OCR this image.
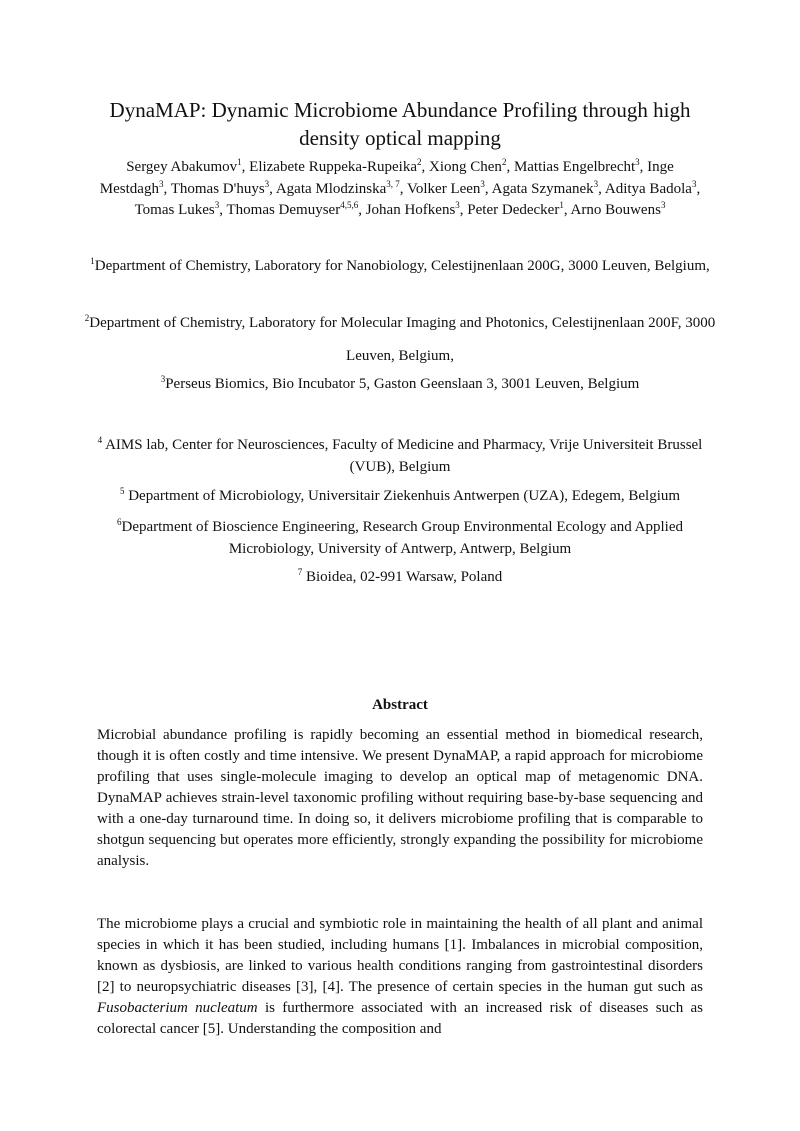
DynaMAP: Dynamic Microbiome Abundance Profiling through high density optical mapping
Sergey Abakumov$^1$, Elizabete Ruppeka-Rupeika$^2$, Xiong Chen$^2$, Mattias Engelbrecht$^3$, Inge Mestdagh$^3$, Thomas D'huys$^3$, Agata Mlodzinska$^{3, 7}$, Volker Leen$^3$, Agata Szymanek$^3$, Aditya Badola$^3$, Tomas Lukes$^3$, Thomas Demuyser$^{4,5,6}$, Johan Hofkens$^3$, Peter Dedecker$^1$, Arno Bouwens$^3$
$^1$Department of Chemistry, Laboratory for Nanobiology, Celestijnenlaan 200G, 3000 Leuven, Belgium,
$^2$Department of Chemistry, Laboratory for Molecular Imaging and Photonics, Celestijnenlaan 200F, 3000 Leuven, Belgium,
$^3$Perseus Biomics, Bio Incubator 5, Gaston Geenslaan 3, 3001 Leuven, Belgium
$^4$ AIMS lab, Center for Neurosciences, Faculty of Medicine and Pharmacy, Vrije Universiteit Brussel (VUB), Belgium
$^5$ Department of Microbiology, Universitair Ziekenhuis Antwerpen (UZA), Edegem, Belgium
$^6$Department of Bioscience Engineering, Research Group Environmental Ecology and Applied Microbiology, University of Antwerp, Antwerp, Belgium
$^7$ Bioidea, 02-991 Warsaw, Poland
Abstract
Microbial abundance profiling is rapidly becoming an essential method in biomedical research, though it is often costly and time intensive. We present DynaMAP, a rapid approach for microbiome profiling that uses single-molecule imaging to develop an optical map of metagenomic DNA. DynaMAP achieves strain-level taxonomic profiling without requiring base-by-base sequencing and with a one-day turnaround time. In doing so, it delivers microbiome profiling that is comparable to shotgun sequencing but operates more efficiently, strongly expanding the possibility for microbiome analysis.
The microbiome plays a crucial and symbiotic role in maintaining the health of all plant and animal species in which it has been studied, including humans [1]. Imbalances in microbial composition, known as dysbiosis, are linked to various health conditions ranging from gastrointestinal disorders [2] to neuropsychiatric diseases [3], [4]. The presence of certain species in the human gut such as Fusobacterium nucleatum is furthermore associated with an increased risk of diseases such as colorectal cancer [5]. Understanding the composition and
